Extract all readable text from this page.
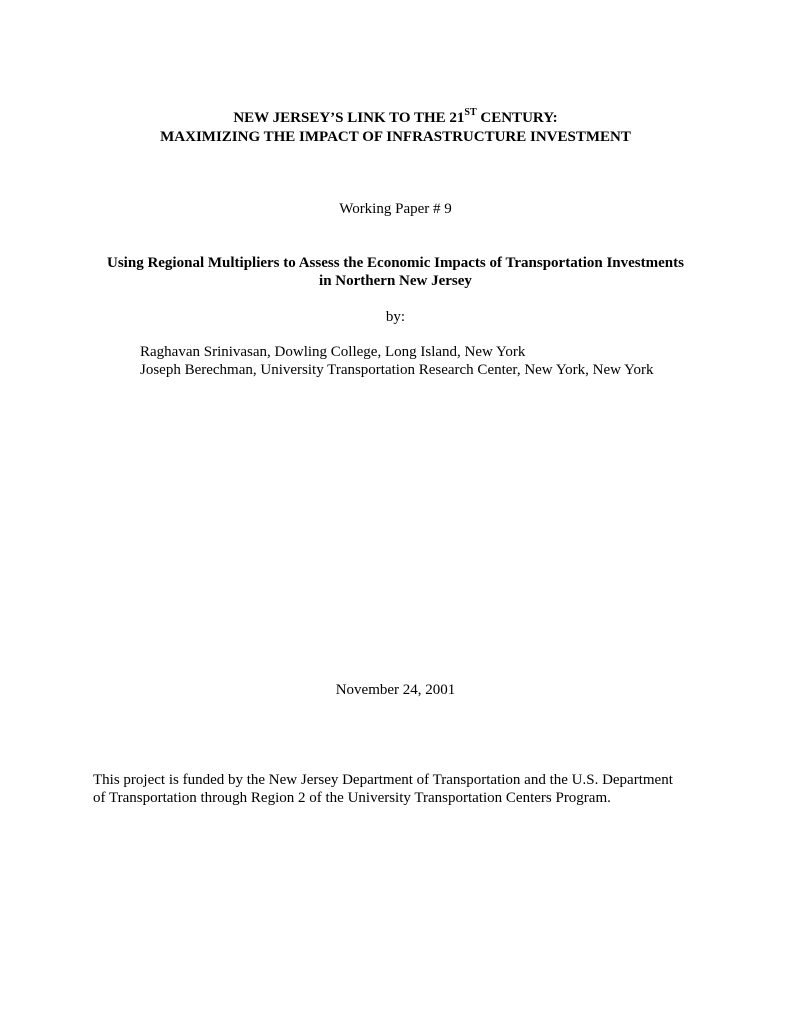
NEW JERSEY’S LINK TO THE 21ST CENTURY:
MAXIMIZING THE IMPACT OF INFRASTRUCTURE INVESTMENT
Working Paper # 9
Using Regional Multipliers to Assess the Economic Impacts of Transportation Investments
in Northern New Jersey
by:
Raghavan Srinivasan, Dowling College, Long Island, New York
Joseph Berechman, University Transportation Research Center, New York, New York
November 24, 2001
This project is funded by the New Jersey Department of Transportation and the U.S. Department
of Transportation through Region 2 of the University Transportation Centers Program.
